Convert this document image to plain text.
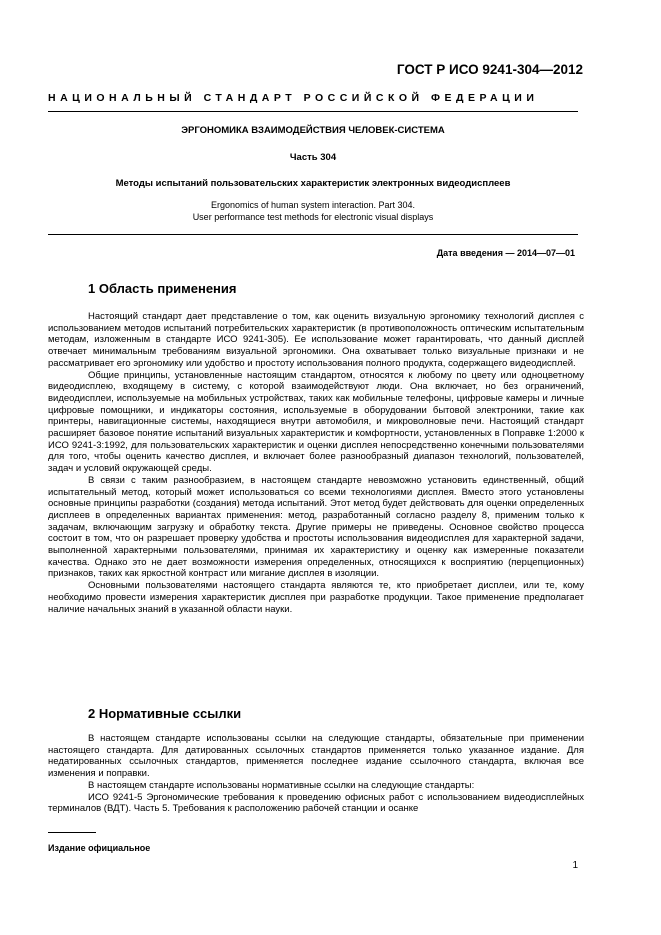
ГОСТ Р ИСО 9241-304—2012
НАЦИОНАЛЬНЫЙ СТАНДАРТ РОССИЙСКОЙ ФЕДЕРАЦИИ
ЭРГОНОМИКА ВЗАИМОДЕЙСТВИЯ ЧЕЛОВЕК-СИСТЕМА
Часть 304
Методы испытаний пользовательских характеристик электронных видеодисплеев
Ergonomics of human system interaction. Part 304.
User performance test methods for electronic visual displays
Дата введения — 2014—07—01
1 Область применения

Настоящий стандарт дает представление о том, как оценить визуальную эргономику технологий дисплея с использованием методов испытаний потребительских характеристик (в противоположность оптическим испытательным методам, изложенным в стандарте ИСО 9241-305). Ее использование может гарантировать, что данный дисплей отвечает минимальным требованиям визуальной эргономики. Она охватывает только визуальные признаки и не рассматривает его эргономику или удобство и простоту использования полного продукта, содержащего видеодисплей.

Общие принципы, установленные настоящим стандартом, относятся к любому по цвету или одноцветному видеодисплею, входящему в систему, с которой взаимодействуют люди. Она включает, но без ограничений, видеодисплеи, используемые на мобильных устройствах, таких как мобильные телефоны, цифровые камеры и личные цифровые помощники, и индикаторы состояния, используемые в оборудовании бытовой электроники, такие как принтеры, навигационные системы, находящиеся внутри автомобиля, и микроволновые печи. Настоящий стандарт расширяет базовое понятие испытаний визуальных характеристик и комфортности, установленных в Поправке 1:2000 к ИСО 9241-3:1992, для пользовательских характеристик и оценки дисплея непосредственно конечными пользователями для того, чтобы оценить качество дисплея, и включает более разнообразный диапазон технологий, пользователей, задач и условий окружающей среды.

В связи с таким разнообразием, в настоящем стандарте невозможно установить единственный, общий испытательный метод, который может использоваться со всеми технологиями дисплея. Вместо этого установлены основные принципы разработки (создания) метода испытаний. Этот метод будет действовать для оценки определенных дисплеев в определенных вариантах применения: метод, разработанный согласно разделу 8, применим только к задачам, включающим загрузку и обработку текста. Другие примеры не приведены. Основное свойство процесса состоит в том, что он разрешает проверку удобства и простоты использования видеодисплея для характерной задачи, выполненной характерными пользователями, принимая их характеристику и оценку как измеренные показатели качества. Однако это не дает возможности измерения определенных, относящихся к восприятию (перцепционных) признаков, таких как яркостной контраст или мигание дисплея в изоляции.

Основными пользователями настоящего стандарта являются те, кто приобретает дисплеи, или те, кому необходимо провести измерения характеристик дисплея при разработке продукции. Такое применение предполагает наличие начальных знаний в указанной области науки.

2 Нормативные ссылки

В настоящем стандарте использованы ссылки на следующие стандарты, обязательные при применении настоящего стандарта. Для датированных ссылочных стандартов применяется только указанное издание. Для недатированных ссылочных стандартов, применяется последнее издание ссылочного стандарта, включая все изменения и поправки.

В настоящем стандарте использованы нормативные ссылки на следующие стандарты:

ИСО 9241-5 Эргономические требования к проведению офисных работ с использованием видеодисплейных терминалов (ВДТ). Часть 5. Требования к расположению рабочей станции и осанке

Издание официальное
1
